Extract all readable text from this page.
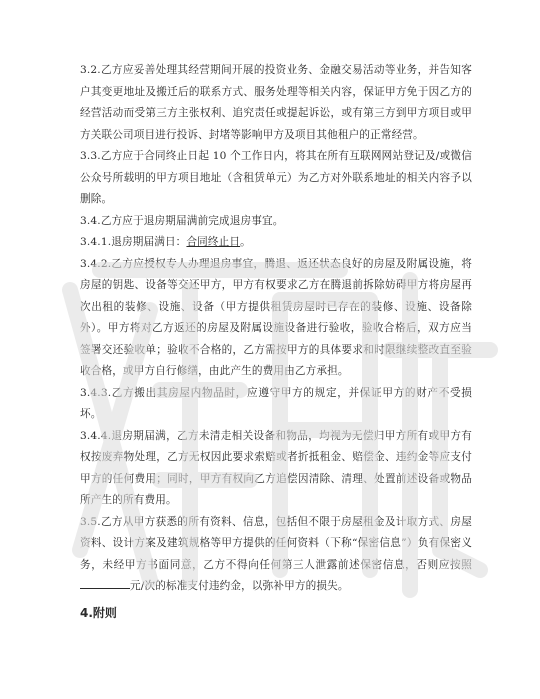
3.2.乙方应妥善处理其经营期间开展的投资业务、金融交易活动等业务，并告知客户其变更地址及搬迁后的联系方式、服务处理等相关内容，保证甲方免于因乙方的经营活动而受第三方主张权利、追究责任或提起诉讼，或有第三方到甲方项目或甲方关联公司项目进行投诉、封堵等影响甲方及项目其他租户的正常经营。

3.3.乙方应于合同终止日起 10 个工作日内，将其在所有互联网网站登记及/或微信公众号所载明的甲方项目地址（含租赁单元）为乙方对外联系地址的相关内容予以删除。

3.4.乙方应于退房期届满前完成退房事宜。

3.4.1.退房期届满日：合同终止日。

3.4.2.乙方应授权专人办理退房事宜，腾退、返还状态良好的房屋及附属设施，将房屋的钥匙、设备等交还甲方，甲方有权要求乙方在腾退前拆除妨碍甲方将房屋再次出租的装修、设施、设备（甲方提供租赁房屋时已存在的装修、设施、设备除外）。甲方将对乙方返还的房屋及附属设施设备进行验收，验收合格后，双方应当签署交还验收单；验收不合格的，乙方需按甲方的具体要求和时限继续整改直至验收合格，或甲方自行修缮，由此产生的费用由乙方承担。

3.4.3.乙方搬出其房屋内物品时，应遵守甲方的规定，并保证甲方的财产不受损坏。

3.4.4.退房期届满，乙方未清走相关设备和物品，均视为无偿归甲方所有或甲方有权按废弃物处理，乙方无权因此要求索赔或者折抵租金、赔偿金、违约金等应支付甲方的任何费用；同时，甲方有权向乙方追偿因清除、清理、处置前述设备或物品所产生的所有费用。

3.5.乙方从甲方获悉的所有资料、信息，包括但不限于房屋租金及计取方式、房屋资料、设计方案及建筑规格等甲方提供的任何资料（下称“保密信息”）负有保密义务，未经甲方书面同意，乙方不得向任何第三人泄露前述保密信息，否则应按照元/次的标准支付违约金，以弥补甲方的损失。

4.附则
